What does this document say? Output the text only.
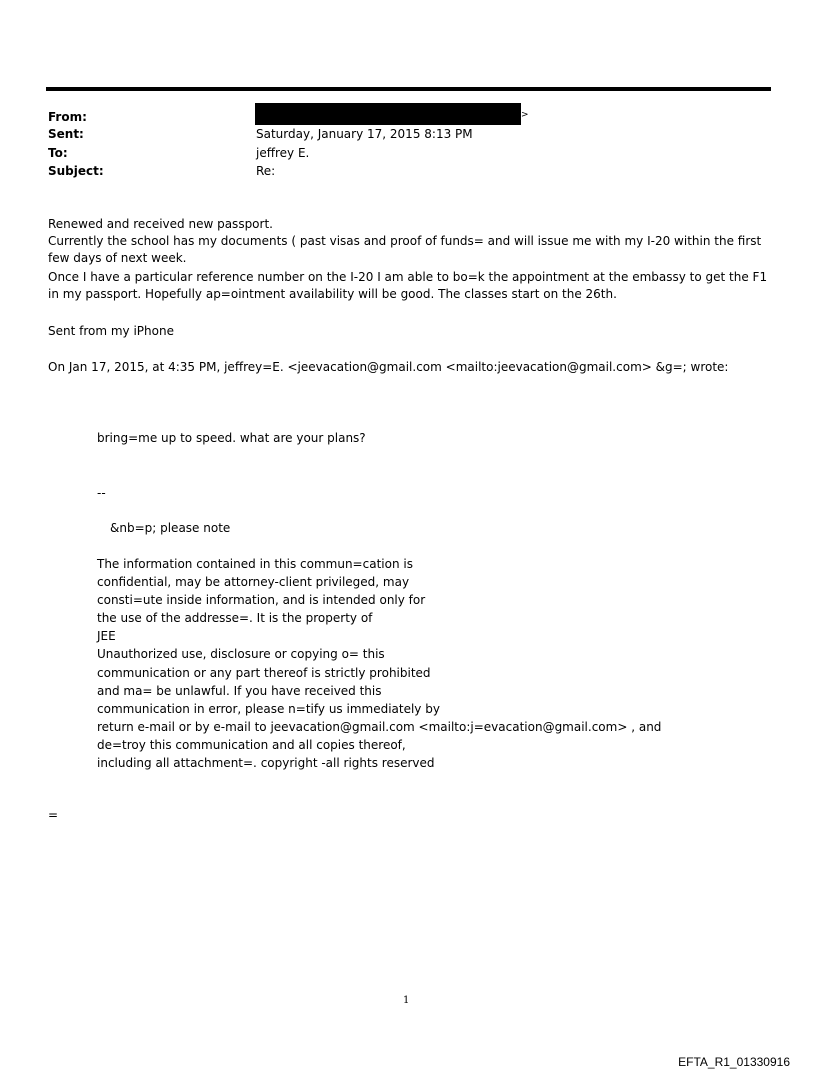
From:	>
Sent:	Saturday, January 17, 2015 8:13 PM
To:	jeffrey E.
Subject:	Re:
Renewed and received new passport.
Currently the school has my documents ( past visas and proof of funds= and will issue me with my I-20 within the first few days of next week.
Once I have a particular reference number on the I-20 I am able to bo=k the appointment at the embassy to get the F1 in my passport. Hopefully ap=ointment availability will be good. The classes start on the 26th.
Sent from my iPhone
On Jan 17, 2015, at 4:35 PM, jeffrey=E. <jeevacation@gmail.com <mailto:jeevacation@gmail.com> &g=; wrote:
bring=me up to speed. what are your plans?
--
&nb=p; please note
The information contained in this commun=cation is
confidential, may be attorney-client privileged, may
consti=ute inside information, and is intended only for
the use of the addresse=. It is the property of
JEE
Unauthorized use, disclosure or copying o= this
communication or any part thereof is strictly prohibited
and ma= be unlawful. If you have received this
communication in error, please n=tify us immediately by
return e-mail or by e-mail to jeevacation@gmail.com <mailto:j=evacation@gmail.com> , and
de=troy this communication and all copies thereof,
including all attachment=. copyright -all rights reserved
=
1
EFTA_R1_01330916
